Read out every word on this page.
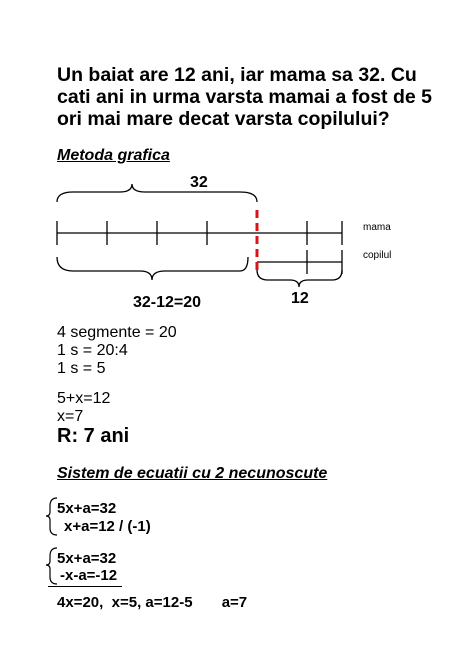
Un baiat are 12 ani, iar mama sa 32. Cu cati ani in urma varsta mamai a fost de 5 ori mai mare decat varsta copilului?
Metoda grafica
32
mama
copilul
12
32-12=20
4 segmente = 20
1 s = 20:4
1 s = 5
5+x=12
x=7
R: 7 ani
Sistem de ecuatii cu 2 necunoscute
5x+a=32
x+a=12 / (-1)
5x+a=32
-x-a=-12
4x=20,  x=5, a=12-5       a=7
